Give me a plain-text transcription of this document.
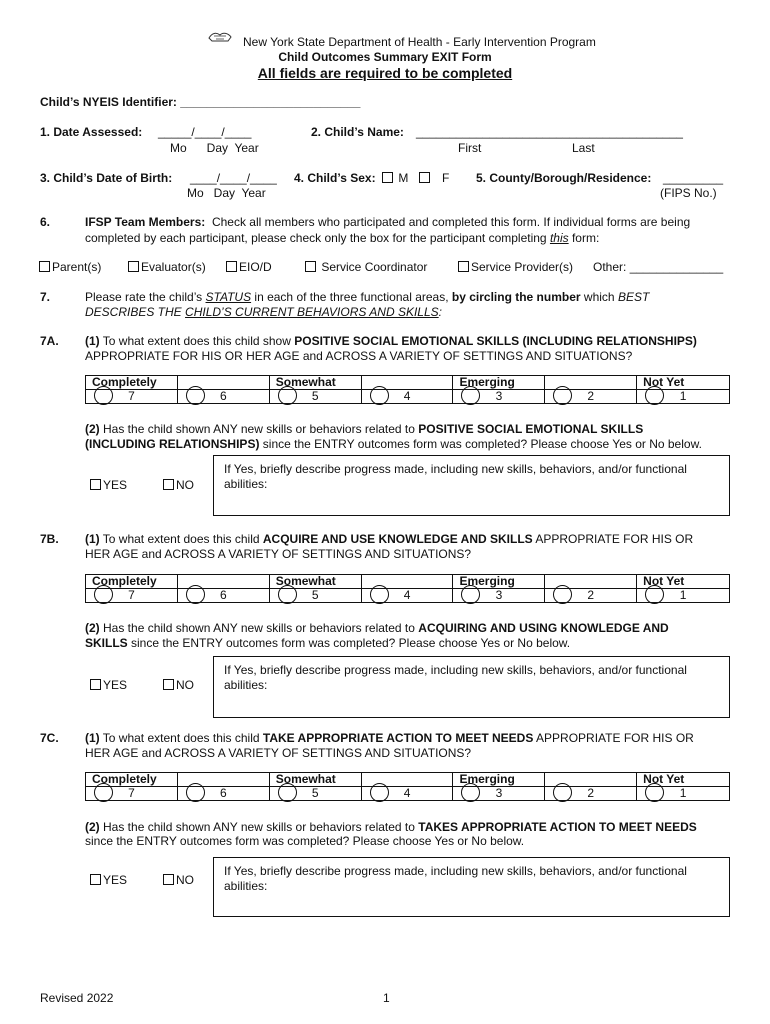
New York State Department of Health - Early Intervention Program
Child Outcomes Summary EXIT Form
All fields are required to be completed
Child’s NYEIS Identifier: ___________________________
1. Date Assessed: _____/____/____
Mo      Day  Year
2. Child’s Name: ________________________________________
First	Last
3. Child’s Date of Birth: ____/____/____
Mo   Day  Year
4. Child’s Sex:	M	F 5. County/Borough/Residence: _________
(FIPS No.)
6.	IFSP Team Members: Check all members who participated and completed this form. If individual forms are being
completed by each participant, please check only the box for the participant completing this form:
Parent(s)	Evaluator(s)	EIO/D	Service Coordinator	Service Provider(s) Other: ______________
7.	Please rate the child’s STATUS in each of the three functional areas, by circling the number which BEST
DESCRIBES THE CHILD’S CURRENT BEHAVIORS AND SKILLS:
7A. (1) To what extent does this child show POSITIVE SOCIAL EMOTIONAL SKILLS (INCLUDING RELATIONSHIPS)
APPROPRIATE FOR HIS OR HER AGE and ACROSS A VARIETY OF SETTINGS AND SITUATIONS?
Completely		Somewhat		Emerging		Not Yet

7	6	5	4	3	2	1
(2) Has the child shown ANY new skills or behaviors related to POSITIVE SOCIAL EMOTIONAL SKILLS
(INCLUDING RELATIONSHIPS) since the ENTRY outcomes form was completed? Please choose Yes or No below.
YES	NO
If Yes, briefly describe progress made, including new skills, behaviors, and/or functional abilities:
7B. (1) To what extent does this child ACQUIRE AND USE KNOWLEDGE AND SKILLS APPROPRIATE FOR HIS OR
HER AGE and ACROSS A VARIETY OF SETTINGS AND SITUATIONS?
Completely		Somewhat		Emerging		Not Yet

7	6	5	4	3	2	1
(2) Has the child shown ANY new skills or behaviors related to ACQUIRING AND USING KNOWLEDGE AND
SKILLS since the ENTRY outcomes form was completed? Please choose Yes or No below.
YES	NO
If Yes, briefly describe progress made, including new skills, behaviors, and/or functional abilities:
7C. (1) To what extent does this child TAKE APPROPRIATE ACTION TO MEET NEEDS APPROPRIATE FOR HIS OR
HER AGE and ACROSS A VARIETY OF SETTINGS AND SITUATIONS?
Completely		Somewhat		Emerging		Not Yet

7	6	5	4	3	2	1
(2) Has the child shown ANY new skills or behaviors related to TAKES APPROPRIATE ACTION TO MEET NEEDS
since the ENTRY outcomes form was completed? Please choose Yes or No below.
YES	NO
If Yes, briefly describe progress made, including new skills, behaviors, and/or functional abilities:
Revised 2022	1
